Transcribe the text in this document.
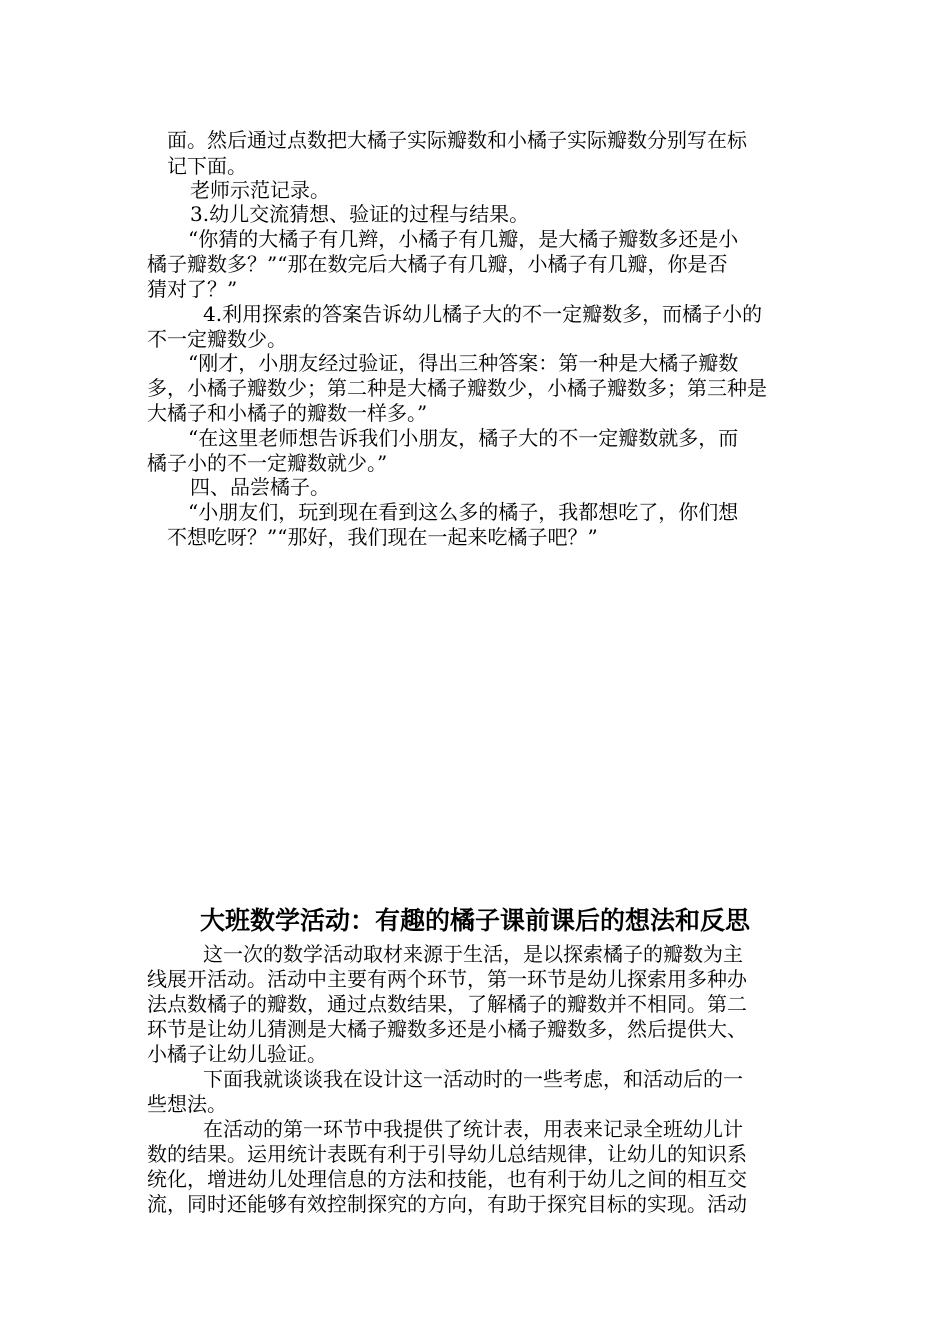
面。然后通过点数把大橘子实际瓣数和小橘子实际瓣数分别写在标

记下面。

老师示范记录。

3.幼儿交流猜想、验证的过程与结果。

“你猜的大橘子有几辫，小橘子有几瓣，是大橘子瓣数多还是小

橘子瓣数多？”“那在数完后大橘子有几瓣，小橘子有几瓣，你是否

猜对了？”

4.利用探索的答案告诉幼儿橘子大的不一定瓣数多，而橘子小的

不一定瓣数少。

“刚才，小朋友经过验证，得出三种答案：第一种是大橘子瓣数

多，小橘子瓣数少；第二种是大橘子瓣数少，小橘子瓣数多；第三种是

大橘子和小橘子的瓣数一样多。”

“在这里老师想告诉我们小朋友，橘子大的不一定瓣数就多，而

橘子小的不一定瓣数就少。”

四、品尝橘子。

“小朋友们，玩到现在看到这么多的橘子，我都想吃了，你们想

不想吃呀？”“那好，我们现在一起来吃橘子吧？”

大班数学活动：有趣的橘子课前课后的想法和反思

这一次的数学活动取材来源于生活，是以探索橘子的瓣数为主

线展开活动。活动中主要有两个环节，第一环节是幼儿探索用多种办

法点数橘子的瓣数，通过点数结果，了解橘子的瓣数并不相同。第二

环节是让幼儿猜测是大橘子瓣数多还是小橘子瓣数多，然后提供大、

小橘子让幼儿验证。

下面我就谈谈我在设计这一活动时的一些考虑，和活动后的一

些想法。

在活动的第一环节中我提供了统计表，用表来记录全班幼儿计

数的结果。运用统计表既有利于引导幼儿总结规律，让幼儿的知识系

统化，增进幼儿处理信息的方法和技能，也有利于幼儿之间的相互交

流，同时还能够有效控制探究的方向，有助于探究目标的实现。活动
